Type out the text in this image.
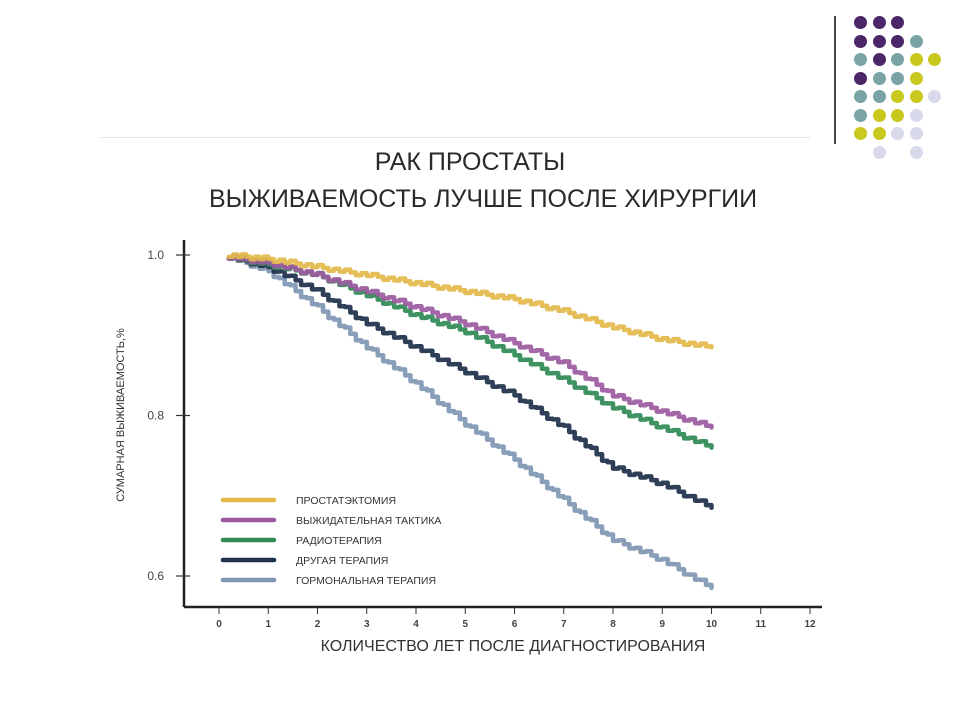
РАК ПРОСТАТЫ
ВЫЖИВАЕМОСТЬ ЛУЧШЕ ПОСЛЕ ХИРУРГИИ
1.0
0.8
0.6
0	1	2	3	4	5	6	7	8	9	10	11	12
ПРОСТАТЭКТОМИЯ
ВЫЖИДАТЕЛЬНАЯ ТАКТИКА
РАДИОТЕРАПИЯ
ДРУГАЯ ТЕРАПИЯ
ГОРМОНАЛЬНАЯ ТЕРАПИЯ
СУМАРНАЯ ВЫЖИВАЕМОСТЬ,%
КОЛИЧЕСТВО ЛЕТ ПОСЛЕ ДИАГНОСТИРОВАНИЯ
